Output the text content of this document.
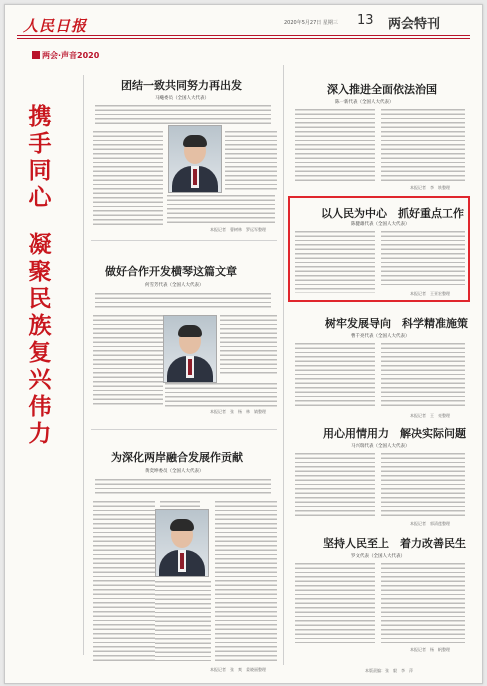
人民日报	2020年5月27日 星期三 13 两会特刊
两会·声音2020
携
手
同
心
凝
聚
民
族
复
兴
伟
力
团结一致共同努力再出发
马飚委员（全国人大代表）
本报记者　曹树林　罗远军整理
做好合作开发横琴这篇文章
何雪芳代表（全国人大代表）
本报记者　张　杨　林　婧整理
为深化两岸融合发展作贡献
黄奕坤委员（全国人大代表）
本报记者　张　爽　姜晓丽整理
深入推进全面依法治国
陈一新代表（全国人大代表）
本报记者　李　轶整理
以人民为中心　抓好重点工作
陈健雄代表（全国人大代表）
本报记者　王亚宏整理
树牢发展导向　科学精准施策
曹千亮代表（全国人大代表）
本报记者　王　亮整理
用心用情用力　解决实际问题
马兴瑞代表（全国人大代表）
本报记者　郭清莲整理
坚持人民至上　着力改善民生
罗文代表（全国人大代表）
本报记者　杨　帆整理
本版责编：张　毅　李　萍
